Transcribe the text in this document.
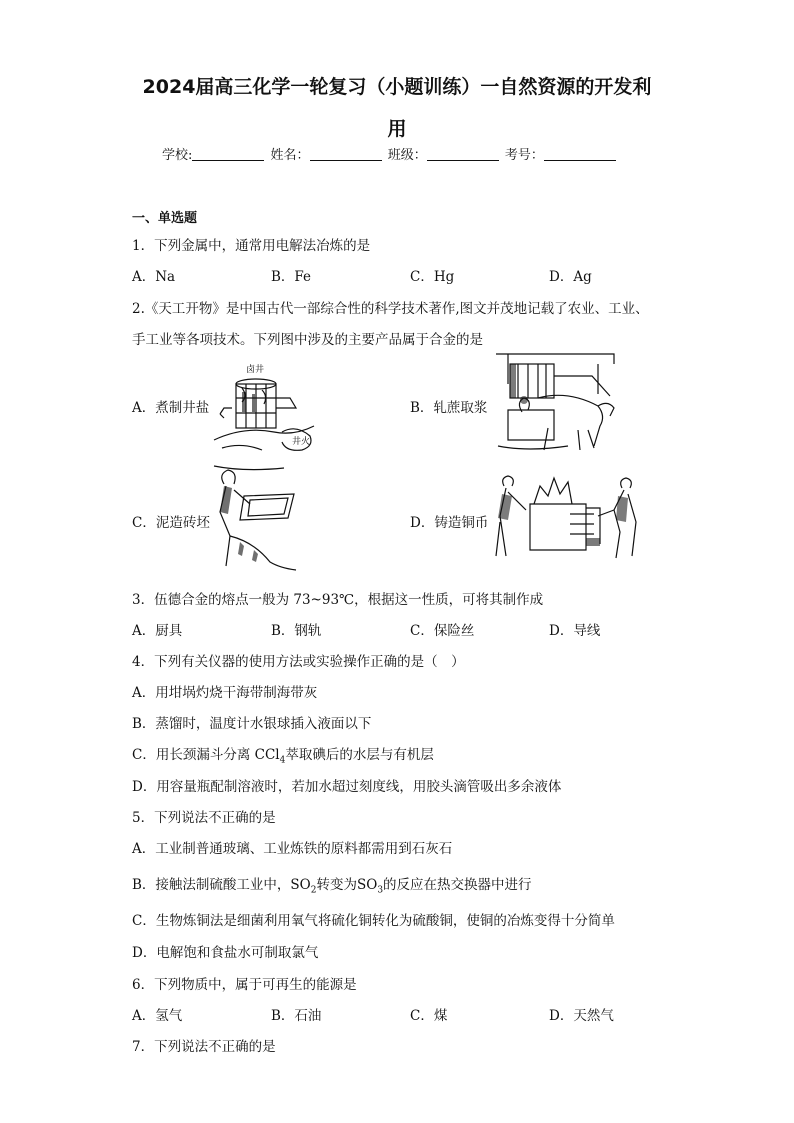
2024届高三化学一轮复习（小题训练）一自然资源的开发利
用
学校:	姓名：	班级：	考号：
一、单选题
1．下列金属中，通常用电解法冶炼的是
A．Na	B．Fe	C．Hg	D．Ag
2.《天工开物》是中国古代一部综合性的科学技术著作,图文并茂地记载了农业、工业、
手工业等各项技术。下列图中涉及的主要产品属于合金的是
A．煮制井盐	B．轧蔗取浆
C．泥造砖坯	D．铸造铜币
卤井
井火
3．伍德合金的熔点一般为 73~93℃，根据这一性质，可将其制作成
A．厨具	B．钢轨	C．保险丝	D．导线
4．下列有关仪器的使用方法或实验操作正确的是（　）
A．用坩埚灼烧干海带制海带灰
B．蒸馏时，温度计水银球插入液面以下
C．用长颈漏斗分离 CCl$_4$萃取碘后的水层与有机层
D．用容量瓶配制溶液时，若加水超过刻度线，用胶头滴管吸出多余液体
5．下列说法不正确的是
A．工业制普通玻璃、工业炼铁的原料都需用到石灰石
B．接触法制硫酸工业中，$SO_2$转变为$SO_3$的反应在热交换器中进行
C．生物炼铜法是细菌利用氧气将硫化铜转化为硫酸铜，使铜的冶炼变得十分简单
D．电解饱和食盐水可制取氯气
6．下列物质中，属于可再生的能源是
A．氢气	B．石油	C．煤	D．天然气
7．下列说法不正确的是
